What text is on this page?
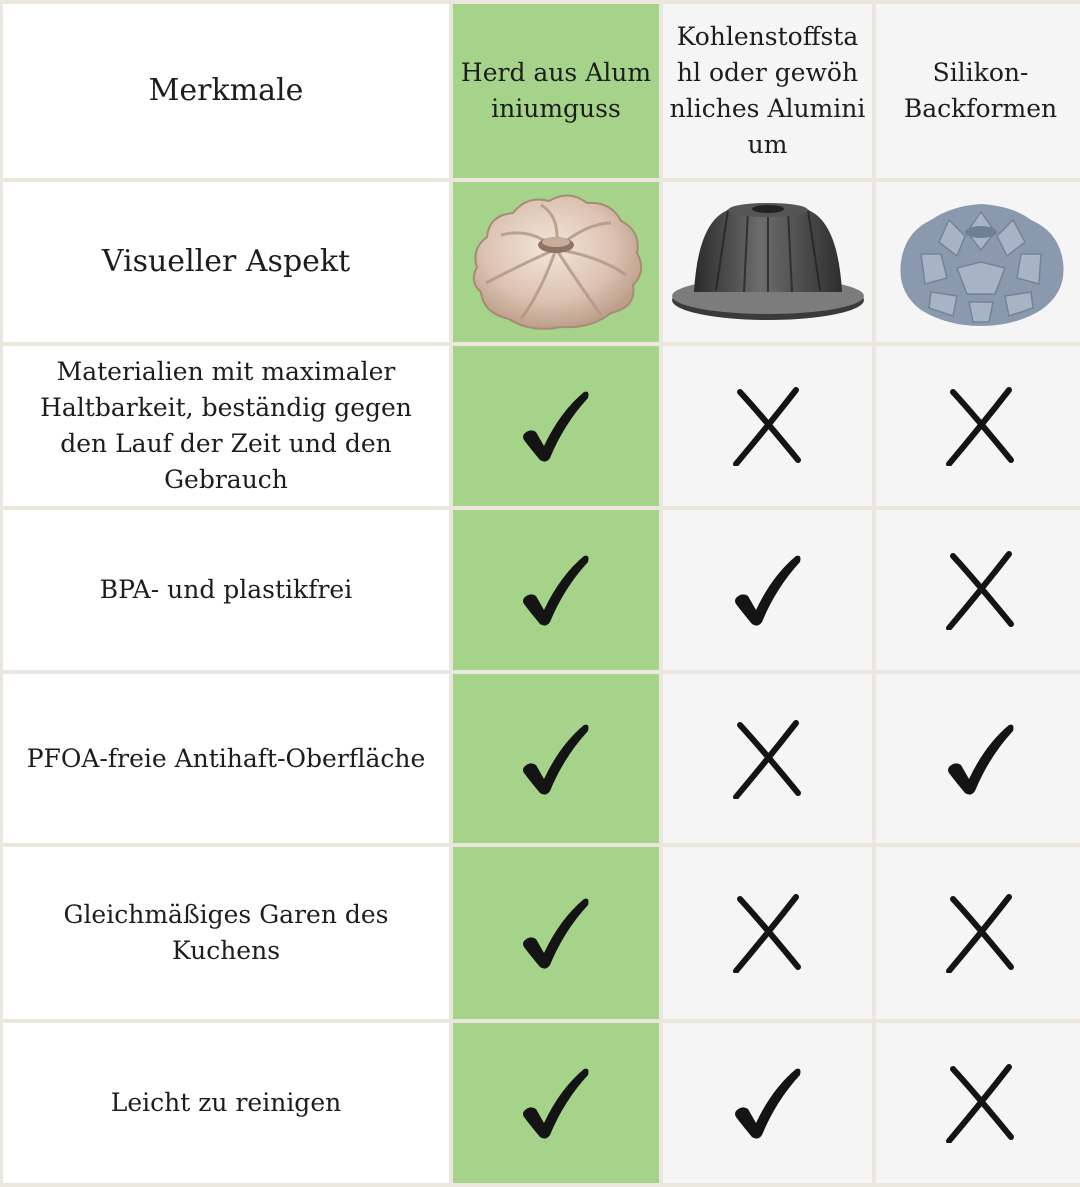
Merkmale
Herd aus Aluminiumguss
Kohlenstoffstahl oder gewöhnliches Aluminium
Silikon-Backformen
Visueller Aspekt
Materialien mit maximaler Haltbarkeit, beständig gegen den Lauf der Zeit und den Gebrauch
BPA- und plastikfrei
PFOA-freie Antihaft-Oberfläche
Gleichmäßiges Garen des Kuchens
Leicht zu reinigen
